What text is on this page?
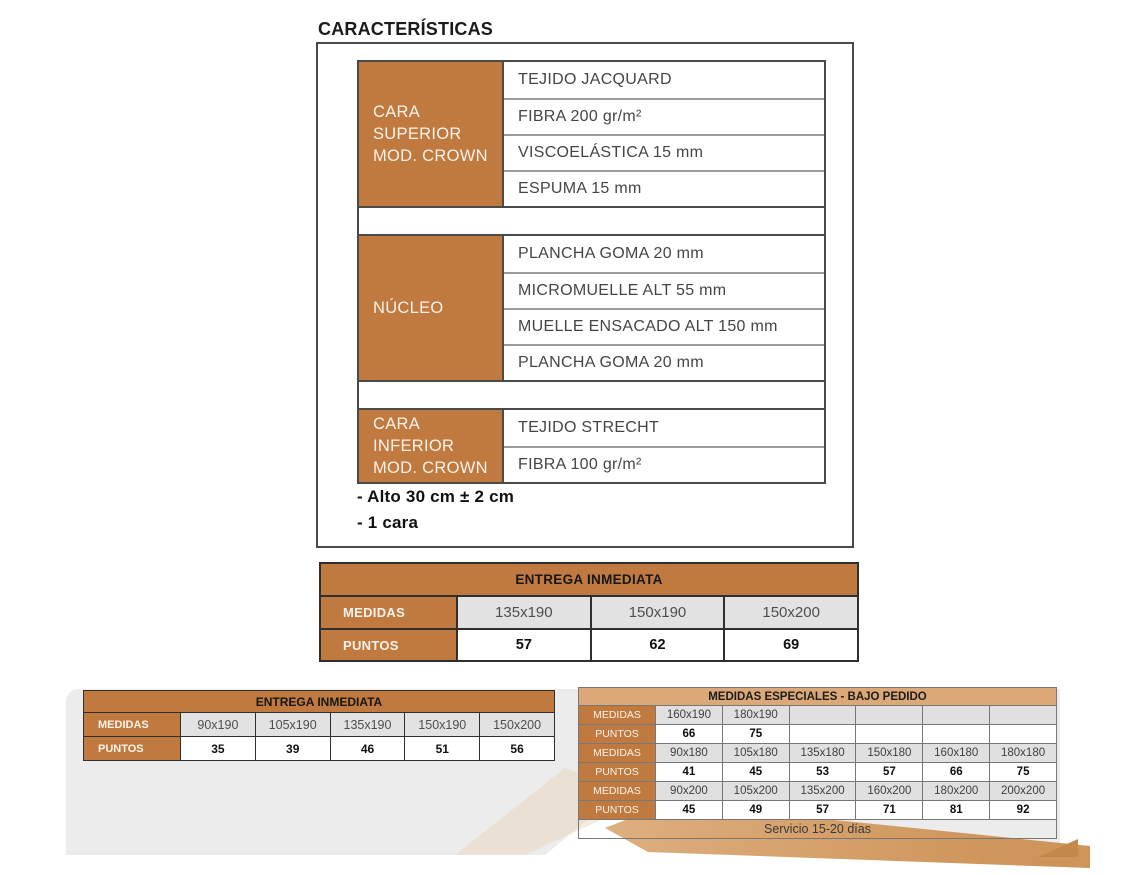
CARACTERÍSTICAS
CARA SUPERIOR
MOD. CROWN
TEJIDO JACQUARD
FIBRA 200 gr/m²
VISCOELÁSTICA 15 mm
ESPUMA 15 mm
NÚCLEO
PLANCHA GOMA 20 mm
MICROMUELLE ALT 55 mm
MUELLE ENSACADO ALT 150 mm
PLANCHA GOMA 20 mm
CARA INFERIOR
MOD. CROWN
TEJIDO STRECHT
FIBRA 100 gr/m²
- Alto 30 cm ± 2 cm
- 1 cara
ENTREGA INMEDIATA			
MEDIDAS	135x190	150x190	150x200
PUNTOS	57	62	69
ENTREGA INMEDIATA					
MEDIDAS	90x190	105x190	135x190	150x190	150x200
PUNTOS	35	39	46	51	56
MEDIDAS ESPECIALES - BAJO PEDIDO						
MEDIDAS	160x190	180x190				
PUNTOS	66	75				
MEDIDAS	90x180	105x180	135x180	150x180	160x180	180x180
PUNTOS	41	45	53	57	66	75
MEDIDAS	90x200	105x200	135x200	160x200	180x200	200x200
PUNTOS	45	49	57	71	81	92
Servicio 15-20 días						
